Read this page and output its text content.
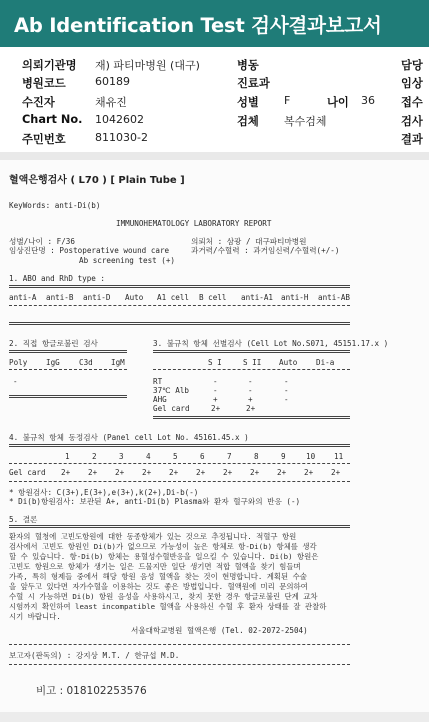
Ab Identification Test 검사결과보고서
의뢰기관명 재) 파티마병원 (대구)	병동	담당
병원코드	60189	진료과	임상
수진자	채유진	성별 F	나이 36 접수
Chart No. 1042602	검체 복수검체	검사
주민번호	811030-2	결과
혈액은행검사 ( L70 ) [ Plain Tube ]
KeyWords: anti-Di(b)
IMMUNOHEMATOLOGY LABORATORY REPORT
성별/나이 : F/36	의뢰처 : 삼광 / 대구파티마병원
임상진단명 : Postoperative wound care	과거력/수혈력 : 과거임신력/수혈력(+/-)
Ab screening test (+)
1. ABO and RhD type :
anti-A anti-B anti-D Auto A1 cell B cell anti-A1 anti-H anti-AB
2. 직접 항글로불린 검사
Poly IgG	C3d IgM
-
3. 불규칙 항체 선별검사 (Cell Lot No.S071, 45151.17.x )
S I	S II Auto Di-a
RT	-	-	-
37℃ Alb	-	-	-
AHG	+	+	-
Gel card	2+	2+
4. 불규칙 항체 동정검사 (Panel cell Lot No. 45161.45.x )
1	2	3	4	5	6	7	8	9	10 11
Gel card 2+ 2+ 2+ 2+ 2+ 2+ 2+ 2+ 2+ 2+ 2+
* 항원검사: C(3+),E(3+),e(3+),k(2+),Di-b(-)
* Di(b)항원검사: 보관된 A+, anti-Di(b) Plasma와 환자 혈구와의 반응 (-)
5. 결론
환자의 혈청에 고빈도항원에 대한 동종항체가 있는 것으로 추정됩니다. 적혈구 항원
검사에서 고빈도 항원인 Di(b)가 없으므로 가능성이 높은 항체로 항-Di(b) 항체를 생각
할 수 있습니다. 항-Di(b) 항체는 용혈성수혈반응을 일으킬 수 있습니다. Di(b) 항원은
고빈도 항원으로 항체가 생기는 일은 드물지만 일단 생기면 적합 혈액을 찾기 힘들며
가족, 특히 형제들 중에서 해당 항원 음성 혈액을 찾는 것이 현명합니다. 계획된 수술
을 앞두고 있다면 자가수혈을 이용하는 것도 좋은 방법입니다. 혈액원에 미리 문의하여
수혈 시 가능하면 Di(b) 항원 음성을 사용하시고, 찾지 못한 경우 항글로불린 단계 교차
시험까지 확인하여 least incompatible 혈액을 사용하신 수혈 후 환자 상태를 잘 관찰하
시기 바랍니다.
서울대학교병원 혈액은행 (Tel. 02-2072-2504)
보고자(판독의) : 강지상 M.T. / 한규섭 M.D.
비고 : 018102253576
